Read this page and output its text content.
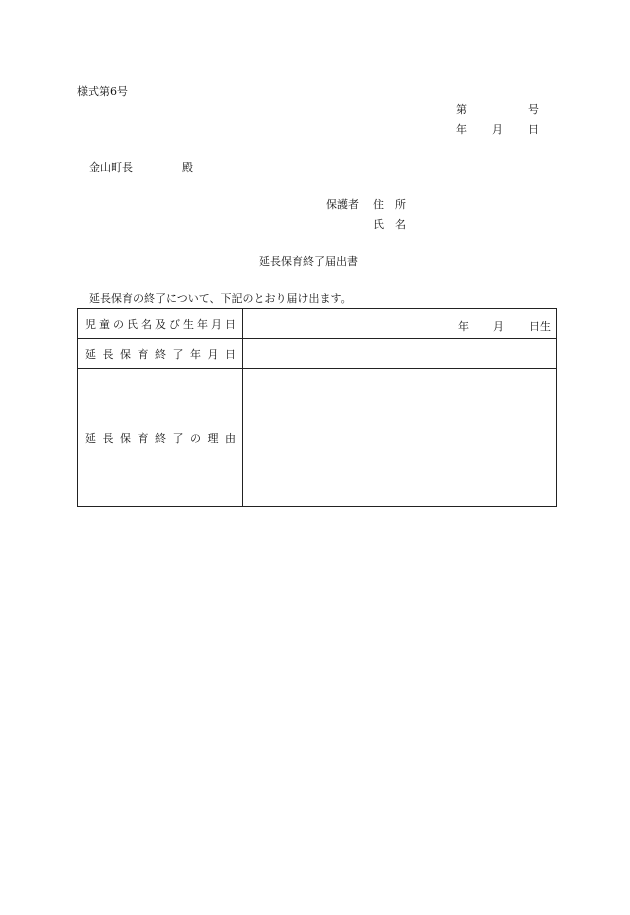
様式第6号
第	号
年 月 日
金山町長	殿
保護者 住　所
氏　名
延長保育終了届出書
延長保育の終了について、下記のとおり届け出ます。
児童の氏名及び生年月日	年 月 日生

延長保育終了年月日	

延長保育終了の理由	
